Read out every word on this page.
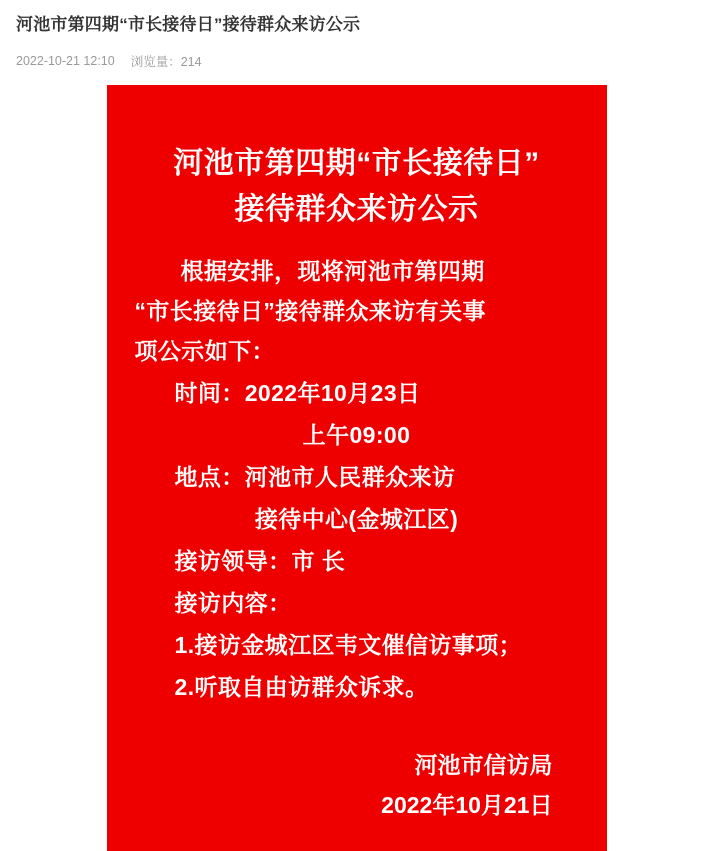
河池市第四期“市长接待日”接待群众来访公示
2022-10-21 12:10 浏览量：214
河池市第四期“市长接待日”
接待群众来访公示
根据安排，现将河池市第四期
“市长接待日”接待群众来访有关事
项公示如下：
时间：2022年10月23日
上午09:00
地点：河池市人民群众来访
接待中心(金城江区)
接访领导：市 长
接访内容：
1.接访金城江区韦文催信访事项；
2.听取自由访群众诉求。
河池市信访局
2022年10月21日
